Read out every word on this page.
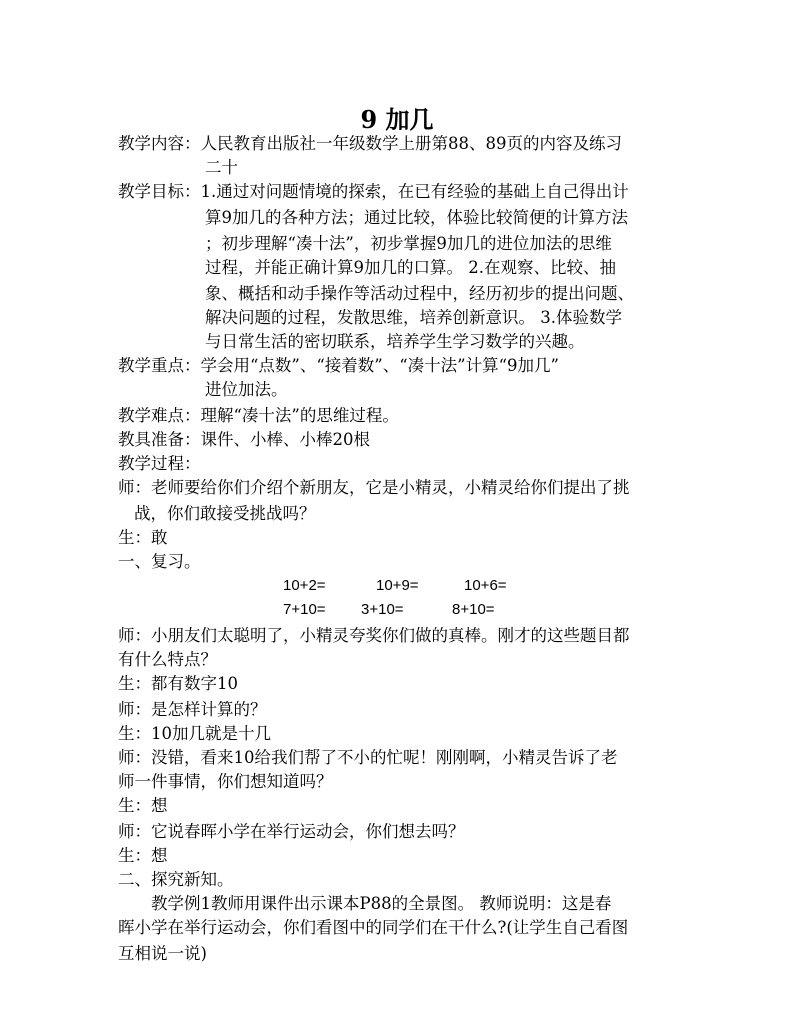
9 加几
教学内容：人民教育出版社一年级数学上册第88、89页的内容及练习
二十
教学目标：1.通过对问题情境的探索，在已有经验的基础上自己得出计
算9加几的各种方法；通过比较，体验比较简便的计算方法
；初步理解“凑十法”，初步掌握9加几的进位加法的思维
过程，并能正确计算9加几的口算。 2.在观察、比较、抽
象、概括和动手操作等活动过程中，经历初步的提出问题、
解决问题的过程，发散思维，培养创新意识。 3.体验数学
与日常生活的密切联系，培养学生学习数学的兴趣。
教学重点：学会用“点数”、“接着数”、“凑十法”计算“9加几”
进位加法。
教学难点：理解“凑十法”的思维过程。
教具准备：课件、小棒、小棒20根
教学过程：
师：老师要给你们介绍个新朋友，它是小精灵，小精灵给你们提出了挑
战，你们敢接受挑战吗？
生：敢
一、复习。
10+2=	10+9=	10+6=
7+10= 3+10=	8+10=
师：小朋友们太聪明了，小精灵夸奖你们做的真棒。刚才的这些题目都
有什么特点？
生：都有数字10
师：是怎样计算的？
生：10加几就是十几
师：没错，看来10给我们帮了不小的忙呢！刚刚啊，小精灵告诉了老
师一件事情，你们想知道吗？
生：想
师：它说春晖小学在举行运动会，你们想去吗？
生：想
二、探究新知。
教学例1教师用课件出示课本P88的全景图。 教师说明：这是春
晖小学在举行运动会，你们看图中的同学们在干什么?(让学生自己看图
互相说一说)
